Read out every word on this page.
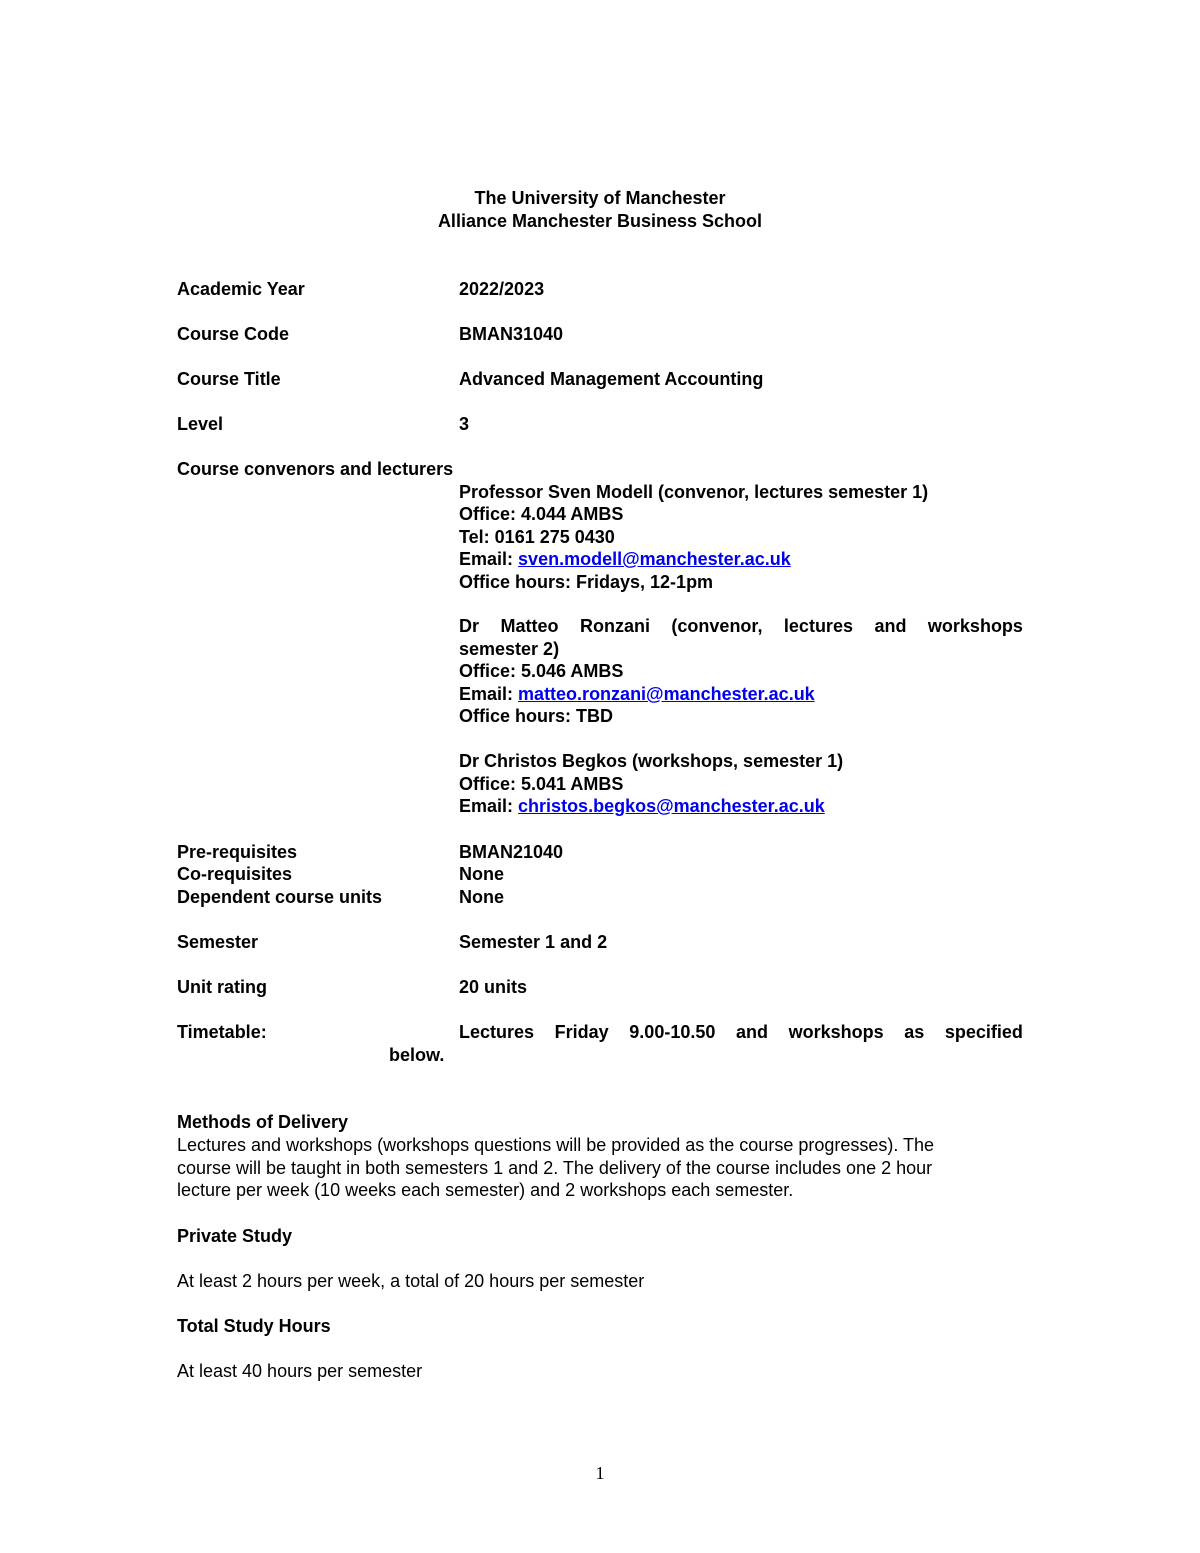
The University of Manchester
Alliance Manchester Business School
Academic Year	2022/2023
Course Code	BMAN31040
Course Title	Advanced Management Accounting
Level	3
Course convenors and lecturers
Professor Sven Modell (convenor, lectures semester 1)
Office: 4.044 AMBS
Tel: 0161 275 0430
Email: sven.modell@manchester.ac.uk
Office hours: Fridays, 12-1pm
Dr Matteo Ronzani (convenor, lectures and workshops
semester 2)
Office: 5.046 AMBS
Email: matteo.ronzani@manchester.ac.uk
Office hours: TBD
Dr Christos Begkos (workshops, semester 1)
Office: 5.041 AMBS
Email: christos.begkos@manchester.ac.uk
Pre-requisites	BMAN21040
Co-requisites	None
Dependent course units	None
Semester	Semester 1 and 2
Unit rating	20 units
Timetable:	Lectures Friday 9.00-10.50 and workshops as specified
below.
Methods of Delivery
Lectures and workshops (workshops questions will be provided as the course progresses). The
course will be taught in both semesters 1 and 2. The delivery of the course includes one 2 hour
lecture per week (10 weeks each semester) and 2 workshops each semester.
Private Study
At least 2 hours per week, a total of 20 hours per semester
Total Study Hours
At least 40 hours per semester
1
